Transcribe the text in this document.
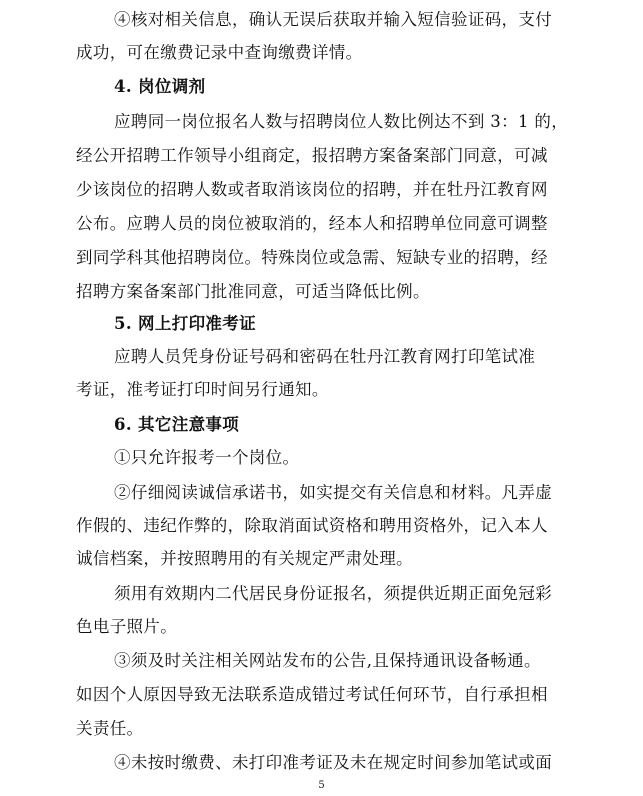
④核对相关信息，确认无误后获取并输入短信验证码，支付
成功，可在缴费记录中查询缴费详情。
4. 岗位调剂
应聘同一岗位报名人数与招聘岗位人数比例达不到 3：1 的，
经公开招聘工作领导小组商定，报招聘方案备案部门同意，可减
少该岗位的招聘人数或者取消该岗位的招聘，并在牡丹江教育网
公布。应聘人员的岗位被取消的，经本人和招聘单位同意可调整
到同学科其他招聘岗位。特殊岗位或急需、短缺专业的招聘，经
招聘方案备案部门批准同意，可适当降低比例。
5. 网上打印准考证
应聘人员凭身份证号码和密码在牡丹江教育网打印笔试准
考证，准考证打印时间另行通知。
6. 其它注意事项
①只允许报考一个岗位。
②仔细阅读诚信承诺书，如实提交有关信息和材料。凡弄虚
作假的、违纪作弊的，除取消面试资格和聘用资格外，记入本人
诚信档案，并按照聘用的有关规定严肃处理。
须用有效期内二代居民身份证报名，须提供近期正面免冠彩
色电子照片。
③须及时关注相关网站发布的公告,且保持通讯设备畅通。
如因个人原因导致无法联系造成错过考试任何环节，自行承担相
关责任。
④未按时缴费、未打印准考证及未在规定时间参加笔试或面
5
